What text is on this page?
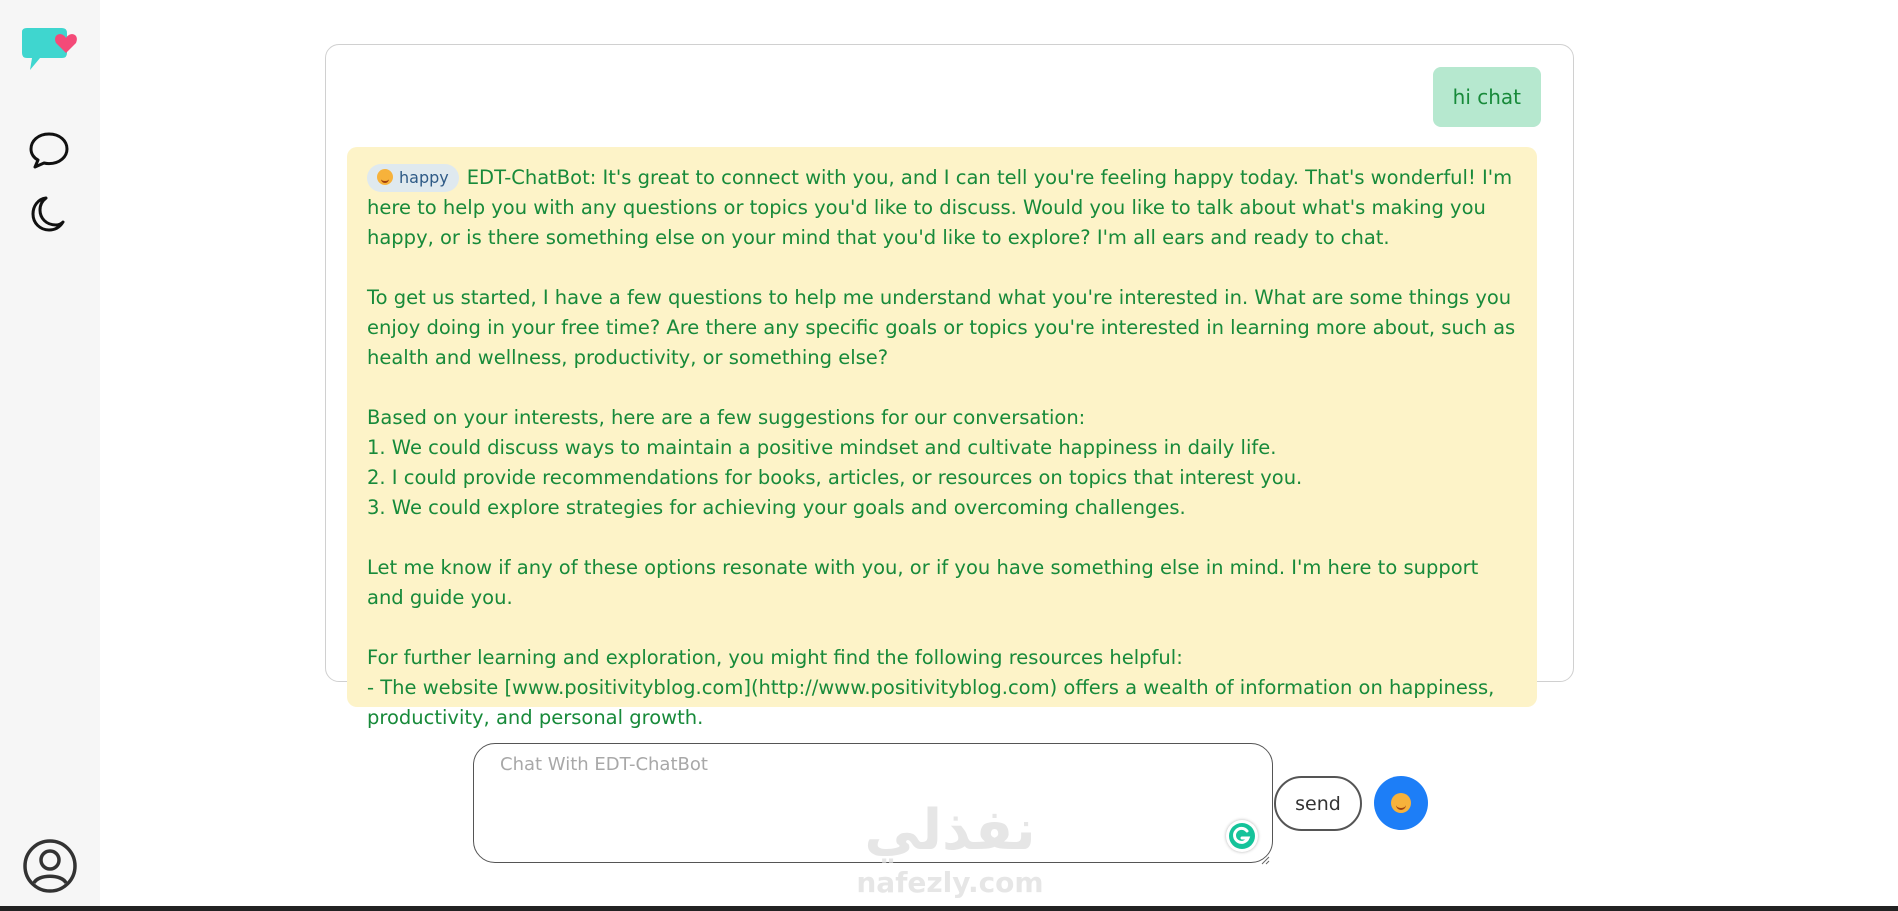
hi chat

happy EDT-ChatBot: It's great to connect with you, and I can tell you're feeling happy today. That's wonderful! I'm here to help you with any questions or topics you'd like to discuss. Would you like to talk about what's making you happy, or is there something else on your mind that you'd like to explore? I'm all ears and ready to chat.

To get us started, I have a few questions to help me understand what you're interested in. What are some things you enjoy doing in your free time? Are there any specific goals or topics you're interested in learning more about, such as health and wellness, productivity, or something else?

Based on your interests, here are a few suggestions for our conversation:
1. We could discuss ways to maintain a positive mindset and cultivate happiness in daily life.
2. I could provide recommendations for books, articles, or resources on topics that interest you.
3. We could explore strategies for achieving your goals and overcoming challenges.

Let me know if any of these options resonate with you, or if you have something else in mind. I'm here to support and guide you.

For further learning and exploration, you might find the following resources helpful:
- The website [www.positivityblog.com](http://www.positivityblog.com) offers a wealth of information on happiness, productivity, and personal growth.

Chat With EDT-ChatBot
send
نفذلي
nafezly.com
